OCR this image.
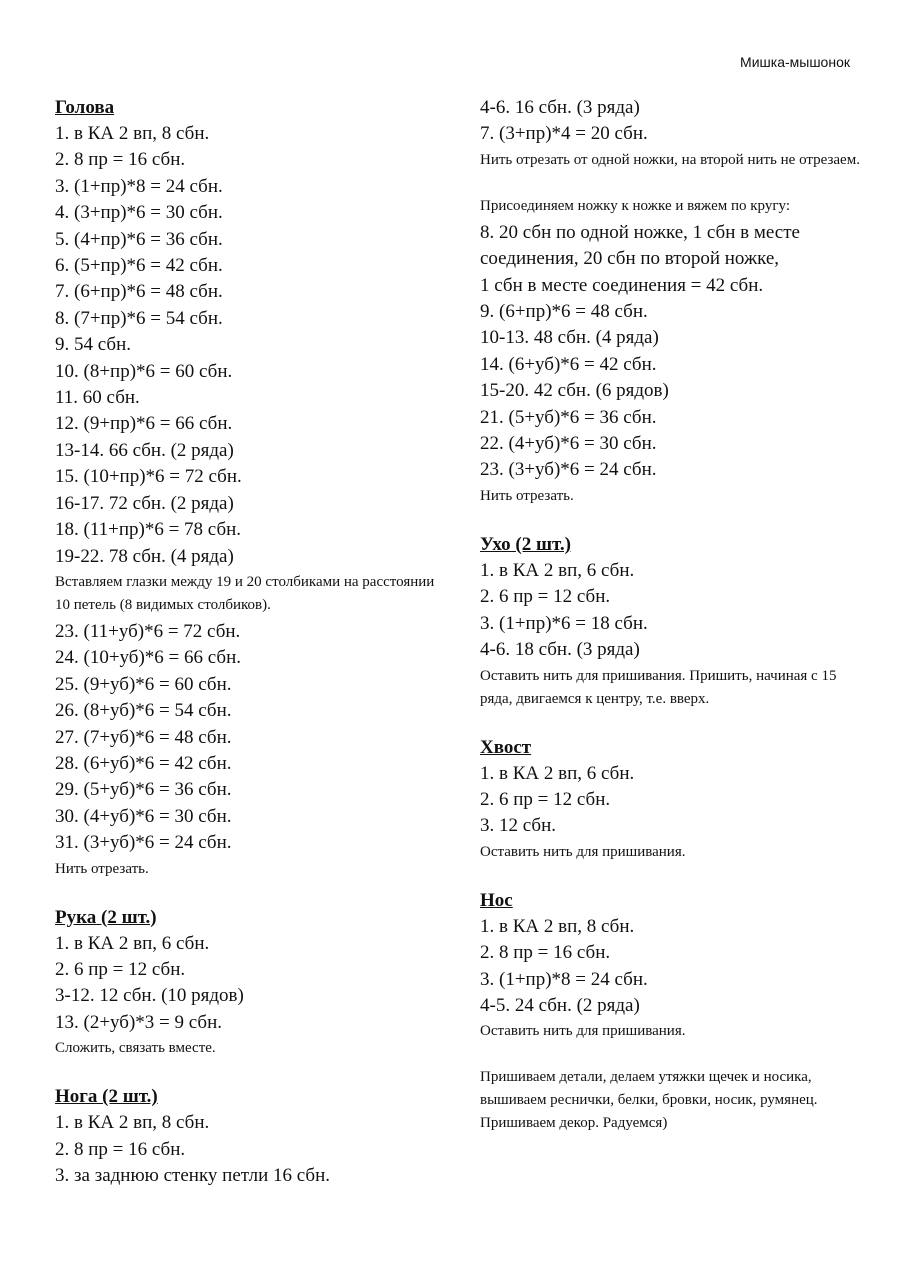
Мишка-мышонок
Голова
1. в КА 2 вп, 8 сбн.
2. 8 пр = 16 сбн.
3. (1+пр)*8 = 24 сбн.
4. (3+пр)*6 = 30 сбн.
5. (4+пр)*6 = 36 сбн.
6. (5+пр)*6 = 42 сбн.
7. (6+пр)*6 = 48 сбн.
8. (7+пр)*6 = 54 сбн.
9. 54 сбн.
10. (8+пр)*6 = 60 сбн.
11. 60 сбн.
12. (9+пр)*6 = 66 сбн.
13-14. 66 сбн. (2 ряда)
15. (10+пр)*6 = 72 сбн.
16-17. 72 сбн. (2 ряда)
18. (11+пр)*6 = 78 сбн.
19-22. 78 сбн. (4 ряда)
Вставляем глазки между 19 и 20 столбиками на расстоянии 10 петель (8 видимых столбиков).
23. (11+уб)*6 = 72 сбн.
24. (10+уб)*6 = 66 сбн.
25. (9+уб)*6 = 60 сбн.
26. (8+уб)*6 = 54 сбн.
27. (7+уб)*6 = 48 сбн.
28. (6+уб)*6 = 42 сбн.
29. (5+уб)*6 = 36 сбн.
30. (4+уб)*6 = 30 сбн.
31. (3+уб)*6 = 24 сбн.
Нить отрезать.
Рука (2 шт.)
1. в КА 2 вп, 6 сбн.
2. 6 пр = 12 сбн.
3-12. 12 сбн. (10 рядов)
13. (2+уб)*3 = 9 сбн.
Сложить, связать вместе.
Нога (2 шт.)
1. в КА 2 вп, 8 сбн.
2. 8 пр = 16 сбн.
3. за заднюю стенку петли 16 сбн.
4-6. 16 сбн. (3 ряда)
7. (3+пр)*4 = 20 сбн.
Нить отрезать от одной ножки, на второй нить не отрезаем.
Присоединяем ножку к ножке и вяжем по кругу:
8. 20 сбн по одной ножке, 1 сбн в месте
соединения, 20 сбн по второй ножке,
1 сбн в месте соединения = 42 сбн.
9. (6+пр)*6 = 48 сбн.
10-13. 48 сбн. (4 ряда)
14. (6+уб)*6 = 42 сбн.
15-20. 42 сбн. (6 рядов)
21. (5+уб)*6 = 36 сбн.
22. (4+уб)*6 = 30 сбн.
23. (3+уб)*6 = 24 сбн.
Нить отрезать.
Ухо (2 шт.)
1. в КА 2 вп, 6 сбн.
2. 6 пр = 12 сбн.
3. (1+пр)*6 = 18 сбн.
4-6. 18 сбн. (3 ряда)
Оставить нить для пришивания. Пришить, начиная с 15 ряда, двигаемся к центру, т.е. вверх.
Хвост
1. в КА 2 вп, 6 сбн.
2. 6 пр = 12 сбн.
3. 12 сбн.
Оставить нить для пришивания.
Нос
1. в КА 2 вп, 8 сбн.
2. 8 пр = 16 сбн.
3. (1+пр)*8 = 24 сбн.
4-5. 24 сбн. (2 ряда)
Оставить нить для пришивания.
Пришиваем детали, делаем утяжки щечек и носика, вышиваем реснички, белки, бровки, носик, румянец. Пришиваем декор. Радуемся)
